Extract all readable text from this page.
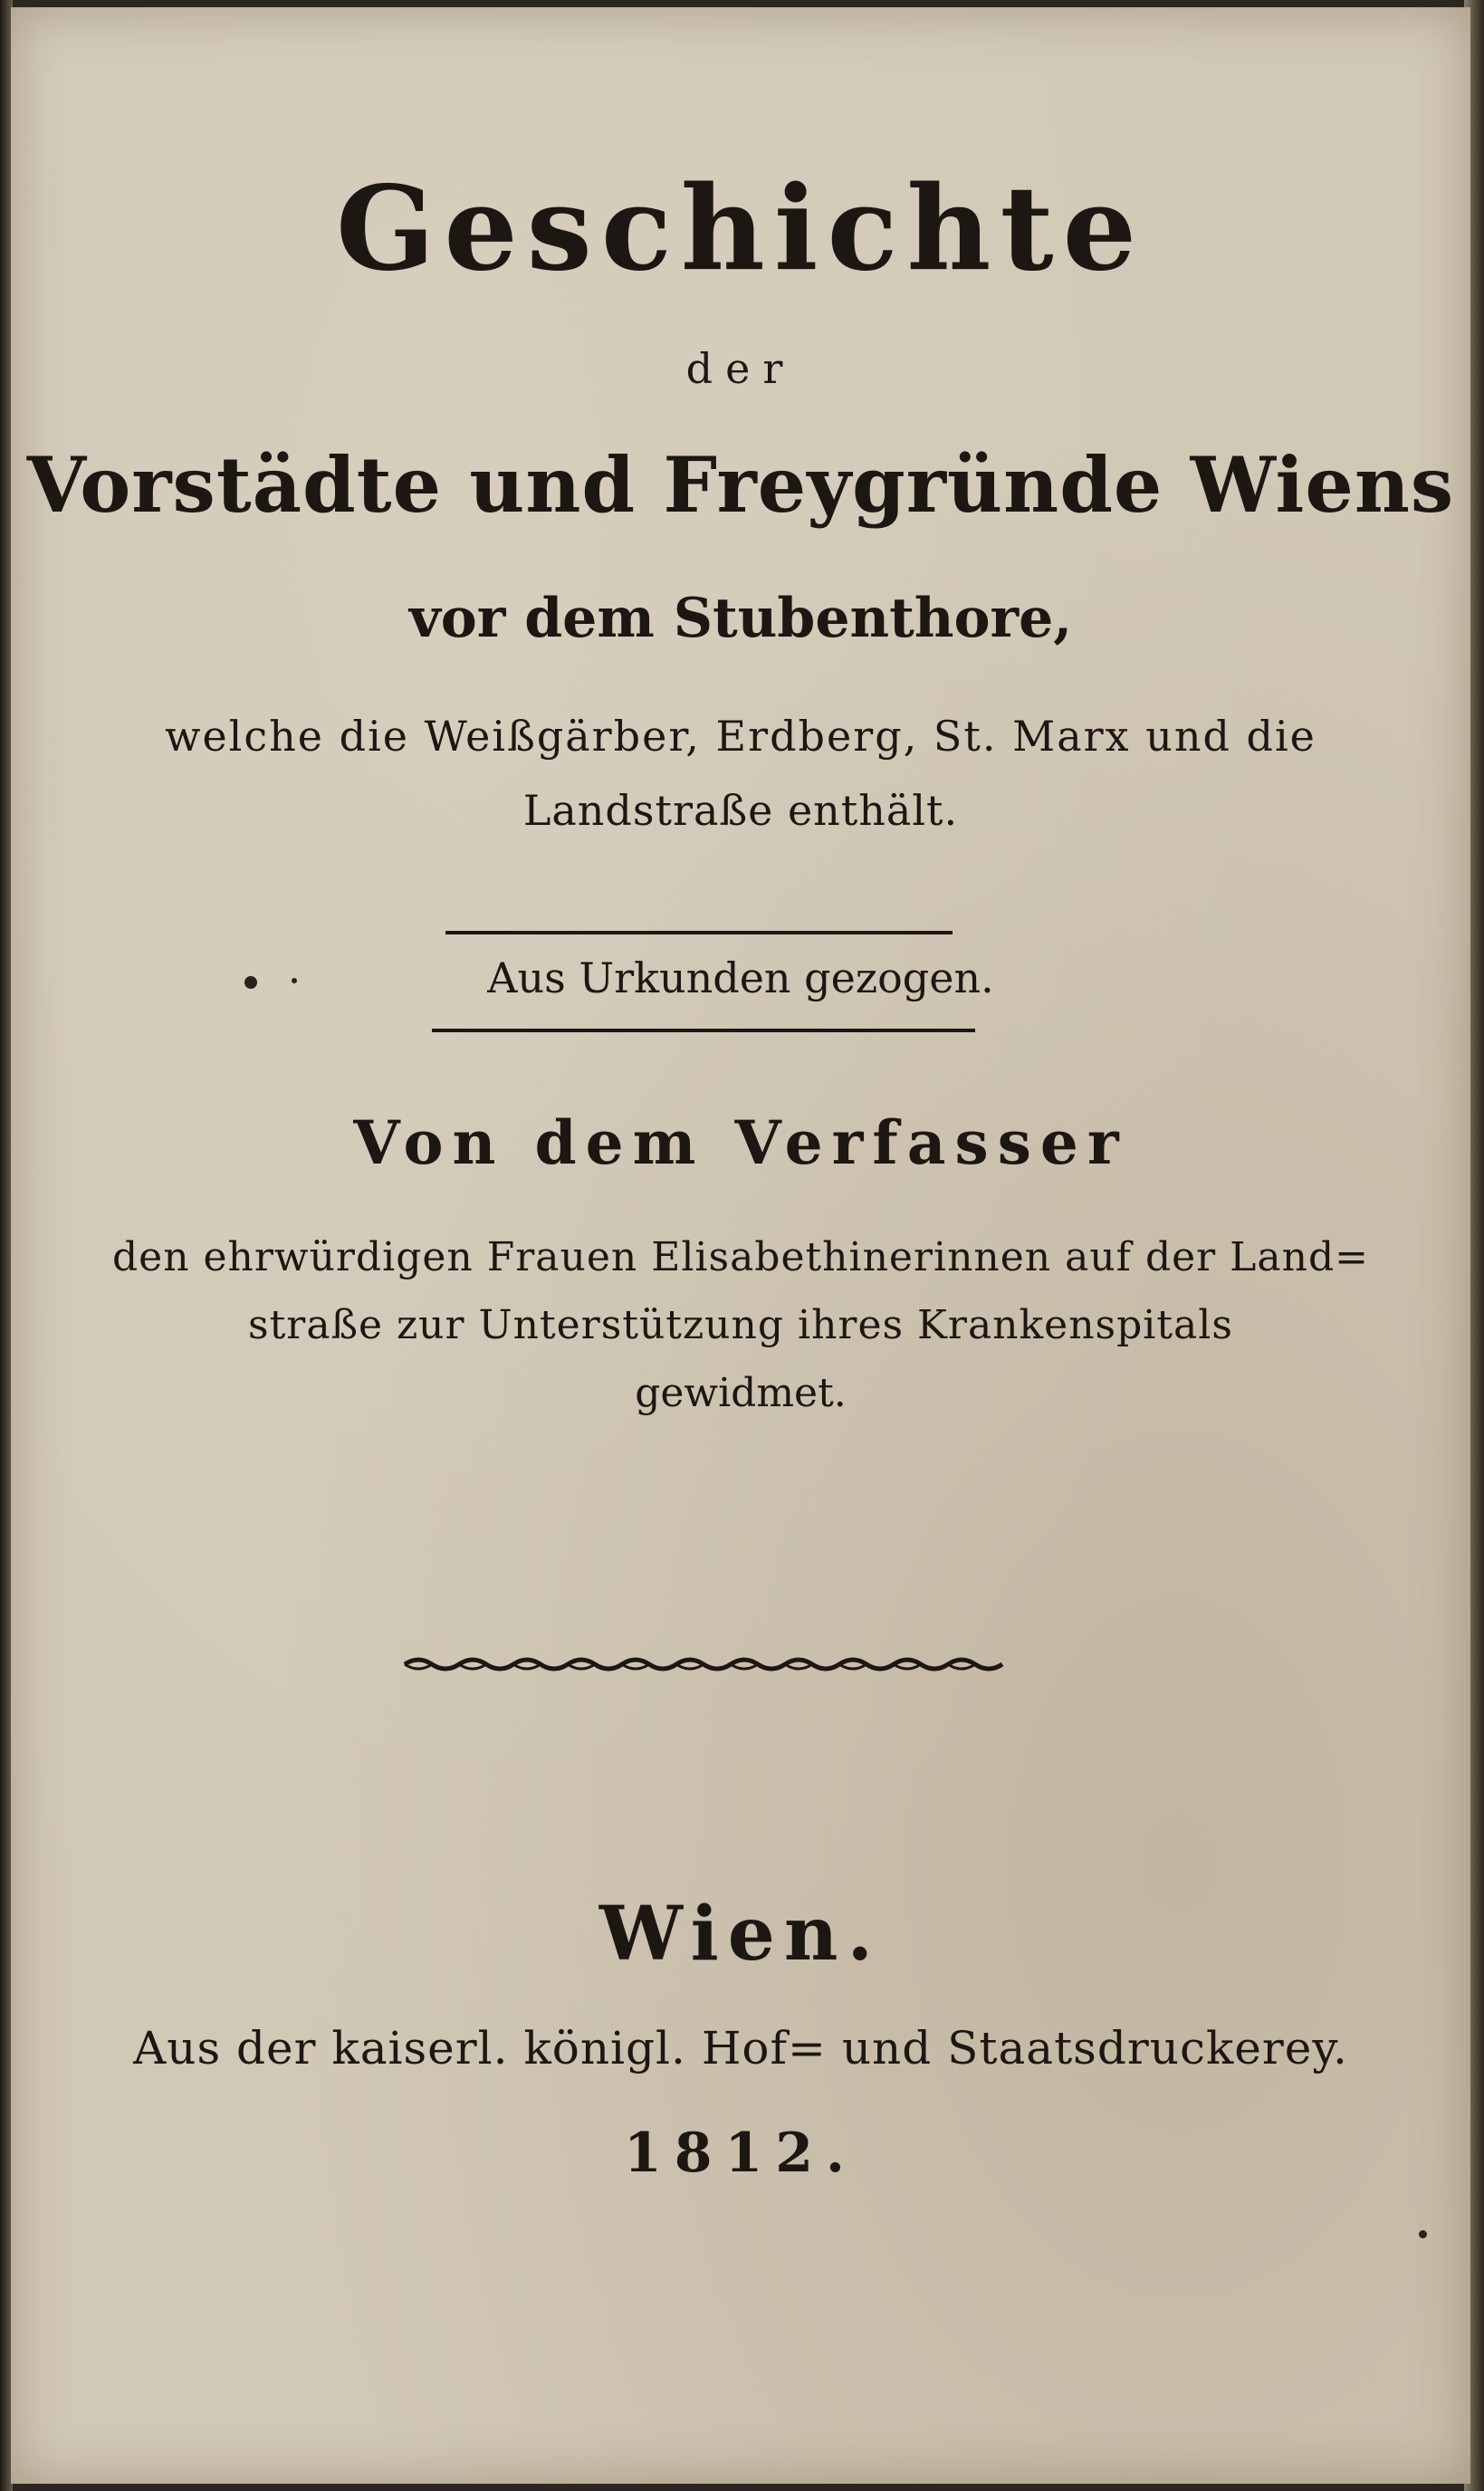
Geschichte
der
Vorstädte und Freygründe Wiens
vor dem Stubenthore,
welche die Weißgärber, Erdberg, St. Marx und die
Landstraße enthält.
Aus Urkunden gezogen.
Von dem Verfasser
den ehrwürdigen Frauen Elisabethinerinnen auf der Land=
straße zur Unterstützung ihres Krankenspitals
gewidmet.
Wien.
Aus der kaiserl. königl. Hof= und Staatsdruckerey.
1812.
